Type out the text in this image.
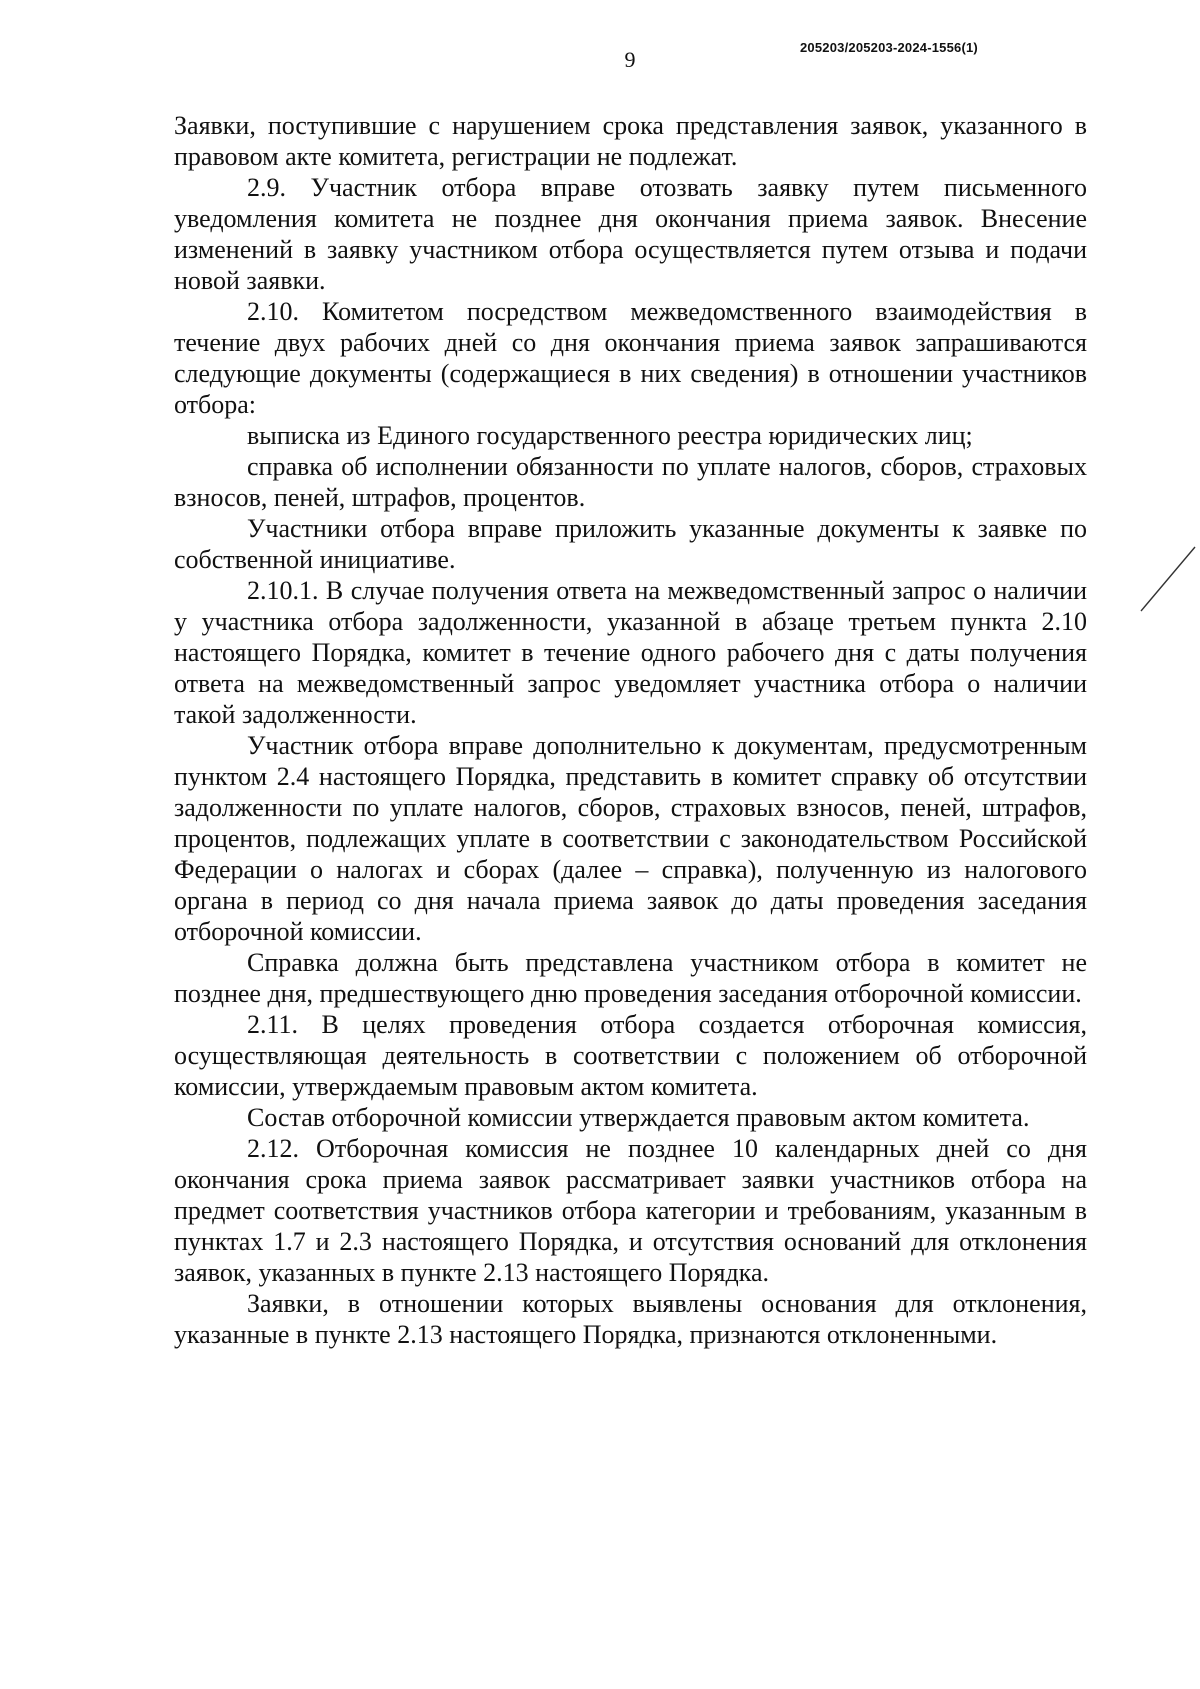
205203/205203-2024-1556(1)
9

Заявки, поступившие с нарушением срока представления заявок, указанного в правовом акте комитета, регистрации не подлежат.

2.9. Участник отбора вправе отозвать заявку путем письменного уведомления комитета не позднее дня окончания приема заявок. Внесение изменений в заявку участником отбора осуществляется путем отзыва и подачи новой заявки.

2.10. Комитетом посредством межведомственного взаимодействия в течение двух рабочих дней со дня окончания приема заявок запрашиваются следующие документы (содержащиеся в них сведения) в отношении участников отбора:

выписка из Единого государственного реестра юридических лиц;

справка об исполнении обязанности по уплате налогов, сборов, страховых взносов, пеней, штрафов, процентов.

Участники отбора вправе приложить указанные документы к заявке по собственной инициативе.

2.10.1. В случае получения ответа на межведомственный запрос о наличии у участника отбора задолженности, указанной в абзаце третьем пункта 2.10 настоящего Порядка, комитет в течение одного рабочего дня с даты получения ответа на межведомственный запрос уведомляет участника отбора о наличии такой задолженности.

Участник отбора вправе дополнительно к документам, предусмотренным пунктом 2.4 настоящего Порядка, представить в комитет справку об отсутствии задолженности по уплате налогов, сборов, страховых взносов, пеней, штрафов, процентов, подлежащих уплате в соответствии с законодательством Российской Федерации о налогах и сборах (далее – справка), полученную из налогового органа в период со дня начала приема заявок до даты проведения заседания отборочной комиссии.

Справка должна быть представлена участником отбора в комитет не позднее дня, предшествующего дню проведения заседания отборочной комиссии.

2.11. В целях проведения отбора создается отборочная комиссия, осуществляющая деятельность в соответствии с положением об отборочной комиссии, утверждаемым правовым актом комитета.

Состав отборочной комиссии утверждается правовым актом комитета.

2.12. Отборочная комиссия не позднее 10 календарных дней со дня окончания срока приема заявок рассматривает заявки участников отбора на предмет соответствия участников отбора категории и требованиям, указанным в пунктах 1.7 и 2.3 настоящего Порядка, и отсутствия оснований для отклонения заявок, указанных в пункте 2.13 настоящего Порядка.

Заявки, в отношении которых выявлены основания для отклонения, указанные в пункте 2.13 настоящего Порядка, признаются отклоненными.
